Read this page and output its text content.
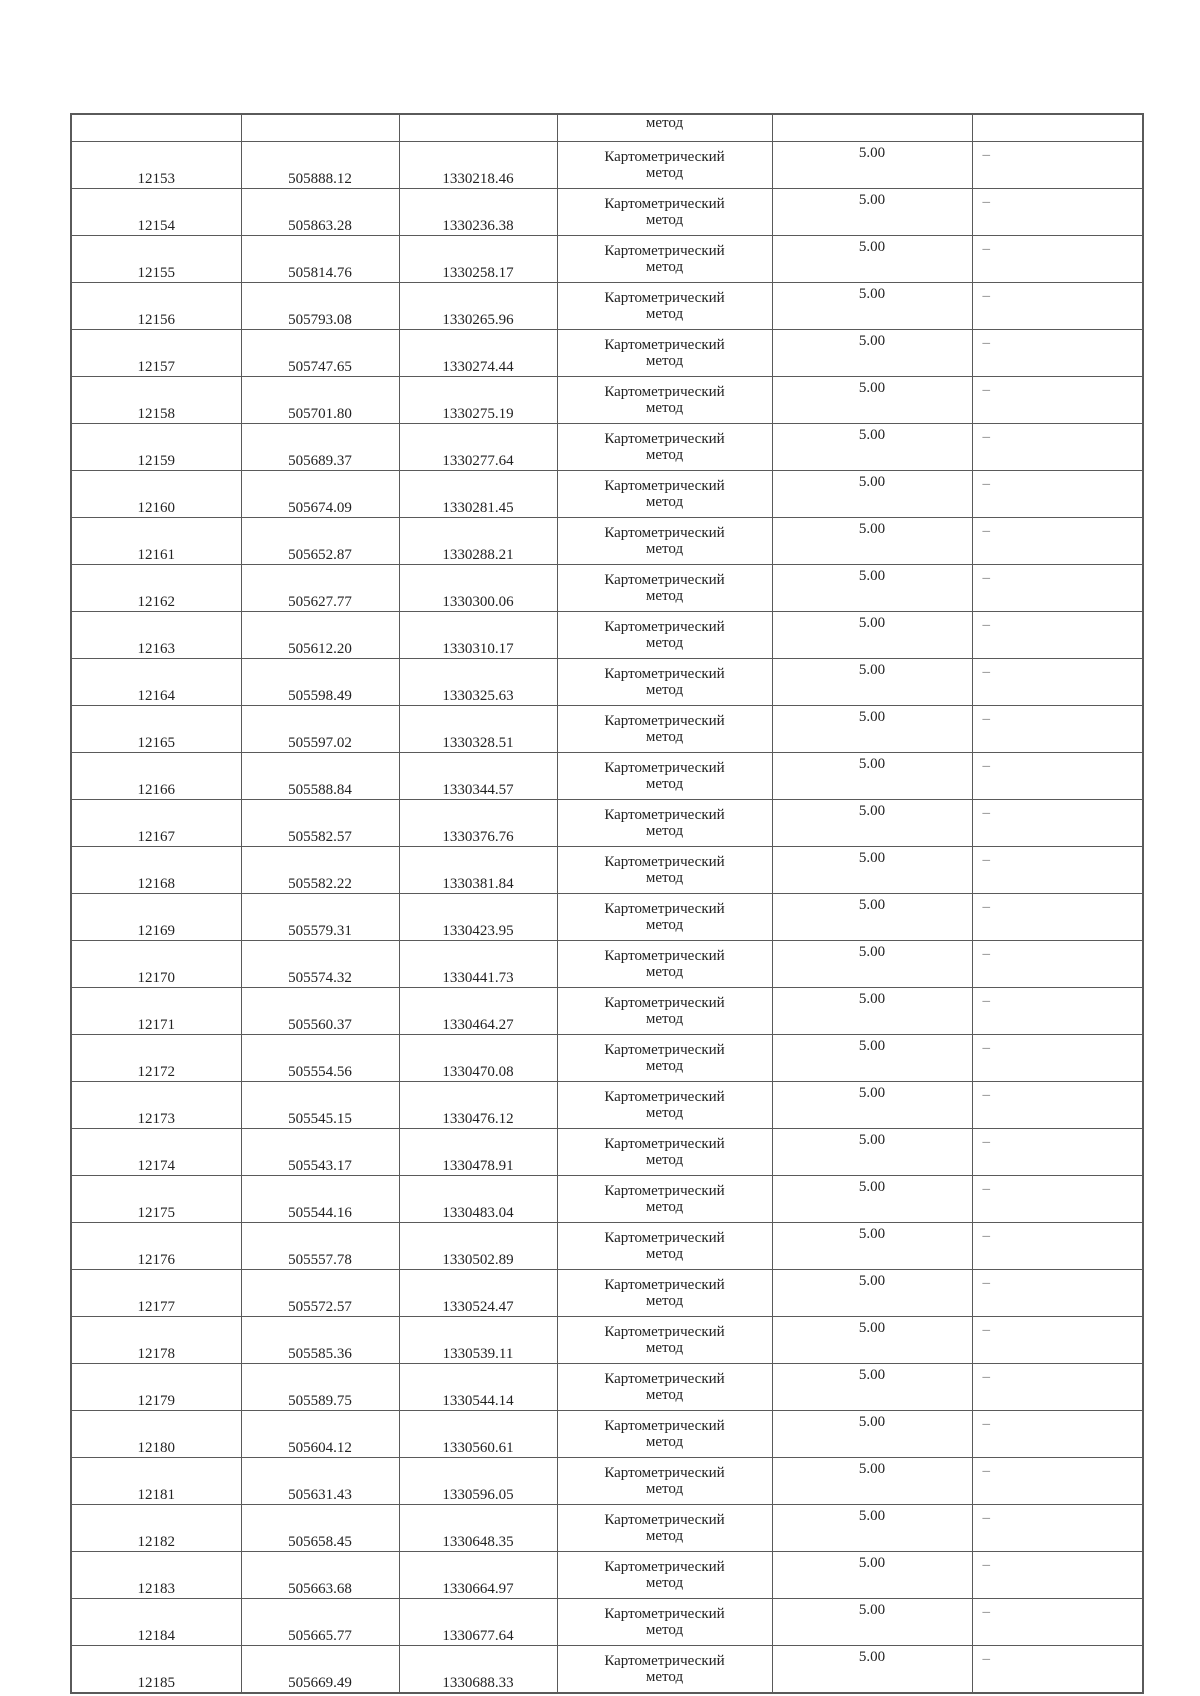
			метод		

12153	505888.12	1330218.46	Картометрический
метод	5.00	–
12154	505863.28	1330236.38	Картометрический
метод	5.00	–
12155	505814.76	1330258.17	Картометрический
метод	5.00	–
12156	505793.08	1330265.96	Картометрический
метод	5.00	–
12157	505747.65	1330274.44	Картометрический
метод	5.00	–
12158	505701.80	1330275.19	Картометрический
метод	5.00	–
12159	505689.37	1330277.64	Картометрический
метод	5.00	–
12160	505674.09	1330281.45	Картометрический
метод	5.00	–
12161	505652.87	1330288.21	Картометрический
метод	5.00	–
12162	505627.77	1330300.06	Картометрический
метод	5.00	–
12163	505612.20	1330310.17	Картометрический
метод	5.00	–
12164	505598.49	1330325.63	Картометрический
метод	5.00	–
12165	505597.02	1330328.51	Картометрический
метод	5.00	–
12166	505588.84	1330344.57	Картометрический
метод	5.00	–
12167	505582.57	1330376.76	Картометрический
метод	5.00	–
12168	505582.22	1330381.84	Картометрический
метод	5.00	–
12169	505579.31	1330423.95	Картометрический
метод	5.00	–
12170	505574.32	1330441.73	Картометрический
метод	5.00	–
12171	505560.37	1330464.27	Картометрический
метод	5.00	–
12172	505554.56	1330470.08	Картометрический
метод	5.00	–
12173	505545.15	1330476.12	Картометрический
метод	5.00	–
12174	505543.17	1330478.91	Картометрический
метод	5.00	–
12175	505544.16	1330483.04	Картометрический
метод	5.00	–
12176	505557.78	1330502.89	Картометрический
метод	5.00	–
12177	505572.57	1330524.47	Картометрический
метод	5.00	–
12178	505585.36	1330539.11	Картометрический
метод	5.00	–
12179	505589.75	1330544.14	Картометрический
метод	5.00	–
12180	505604.12	1330560.61	Картометрический
метод	5.00	–
12181	505631.43	1330596.05	Картометрический
метод	5.00	–
12182	505658.45	1330648.35	Картометрический
метод	5.00	–
12183	505663.68	1330664.97	Картометрический
метод	5.00	–
12184	505665.77	1330677.64	Картометрический
метод	5.00	–
12185	505669.49	1330688.33	Картометрический
метод	5.00	–
